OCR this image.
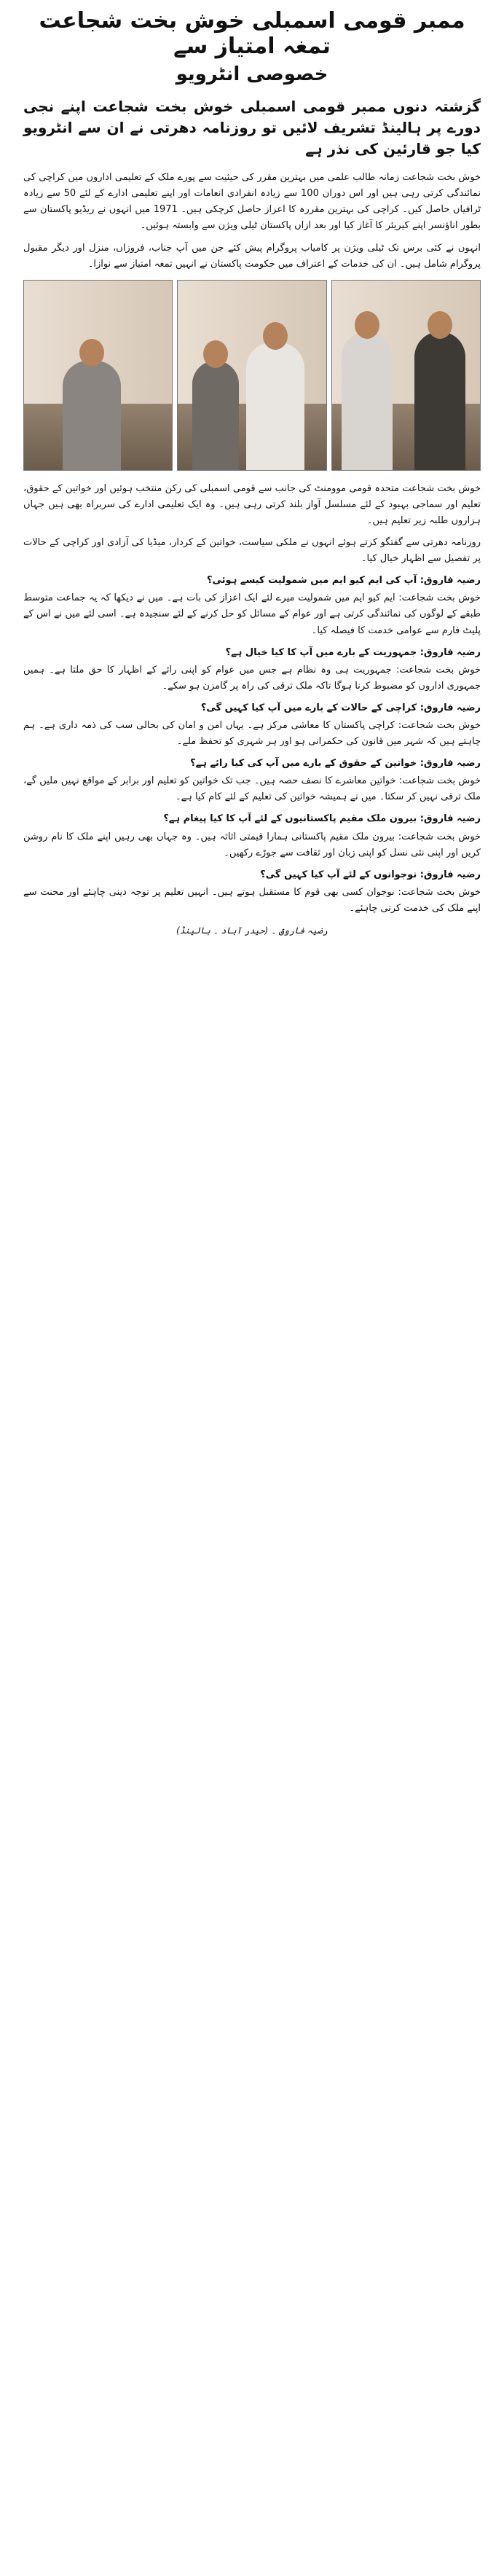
ممبر قومی اسمبلی خوش بخت شجاعت تمغہ امتیاز سے
خصوصی انٹرویو

گزشتہ دنوں ممبر قومی اسمبلی خوش بخت شجاعت اپنے نجی دورے پر ہالینڈ تشریف لائیں تو روزنامہ دھرتی نے ان سے انٹرویو کیا جو قارئین کی نذر ہے

خوش بخت شجاعت زمانہ طالب علمی میں بہترین مقرر کی حیثیت سے پورے ملک کے تعلیمی اداروں میں کراچی کی نمائندگی کرتی رہی ہیں اور اس دوران 100 سے زیادہ انفرادی انعامات اور اپنے تعلیمی ادارے کے لئے 50 سے زیادہ ٹرافیاں حاصل کیں۔ کراچی کی بہترین مقررہ کا اعزاز حاصل کرچکی ہیں۔ 1971 میں انہوں نے ریڈیو پاکستان سے بطور اناؤنسر اپنے کیریئر کا آغاز کیا اور بعد ازاں پاکستان ٹیلی ویژن سے وابستہ ہوئیں۔

انہوں نے کئی برس تک ٹیلی ویژن پر کامیاب پروگرام پیش کئے جن میں آپ جناب، فروزاں، منزل اور دیگر مقبول پروگرام شامل ہیں۔ ان کی خدمات کے اعتراف میں حکومت پاکستان نے انہیں تمغہ امتیاز سے نوازا۔

خوش بخت شجاعت متحدہ قومی موومنٹ کی جانب سے قومی اسمبلی کی رکن منتخب ہوئیں اور خواتین کے حقوق، تعلیم اور سماجی بہبود کے لئے مسلسل آواز بلند کرتی رہی ہیں۔ وہ ایک تعلیمی ادارے کی سربراہ بھی ہیں جہاں ہزاروں طلبہ زیر تعلیم ہیں۔

روزنامہ دھرتی سے گفتگو کرتے ہوئے انہوں نے ملکی سیاست، خواتین کے کردار، میڈیا کی آزادی اور کراچی کے حالات پر تفصیل سے اظہار خیال کیا۔

رضیہ فاروق: آپ کی ایم کیو ایم میں شمولیت کیسے ہوئی؟

خوش بخت شجاعت: ایم کیو ایم میں شمولیت میرے لئے ایک اعزاز کی بات ہے۔ میں نے دیکھا کہ یہ جماعت متوسط طبقے کے لوگوں کی نمائندگی کرتی ہے اور عوام کے مسائل کو حل کرنے کے لئے سنجیدہ ہے۔ اسی لئے میں نے اس کے پلیٹ فارم سے عوامی خدمت کا فیصلہ کیا۔

رضیہ فاروق: جمہوریت کے بارے میں آپ کا کیا خیال ہے؟

خوش بخت شجاعت: جمہوریت ہی وہ نظام ہے جس میں عوام کو اپنی رائے کے اظہار کا حق ملتا ہے۔ ہمیں جمہوری اداروں کو مضبوط کرنا ہوگا تاکہ ملک ترقی کی راہ پر گامزن ہو سکے۔

رضیہ فاروق: کراچی کے حالات کے بارے میں آپ کیا کہیں گی؟

خوش بخت شجاعت: کراچی پاکستان کا معاشی مرکز ہے۔ یہاں امن و امان کی بحالی سب کی ذمہ داری ہے۔ ہم چاہتے ہیں کہ شہر میں قانون کی حکمرانی ہو اور ہر شہری کو تحفظ ملے۔

رضیہ فاروق: خواتین کے حقوق کے بارے میں آپ کی کیا رائے ہے؟

خوش بخت شجاعت: خواتین معاشرے کا نصف حصہ ہیں۔ جب تک خواتین کو تعلیم اور برابر کے مواقع نہیں ملیں گے، ملک ترقی نہیں کر سکتا۔ میں نے ہمیشہ خواتین کی تعلیم کے لئے کام کیا ہے۔

رضیہ فاروق: بیرون ملک مقیم پاکستانیوں کے لئے آپ کا کیا پیغام ہے؟

خوش بخت شجاعت: بیرون ملک مقیم پاکستانی ہمارا قیمتی اثاثہ ہیں۔ وہ جہاں بھی رہیں اپنے ملک کا نام روشن کریں اور اپنی نئی نسل کو اپنی زبان اور ثقافت سے جوڑے رکھیں۔

رضیہ فاروق: نوجوانوں کے لئے آپ کیا کہیں گی؟

خوش بخت شجاعت: نوجوان کسی بھی قوم کا مستقبل ہوتے ہیں۔ انہیں تعلیم پر توجہ دینی چاہئے اور محنت سے اپنے ملک کی خدمت کرنی چاہئے۔

رضیہ فاروق ۔ (حیدر آباد ۔ ہالینڈ)
